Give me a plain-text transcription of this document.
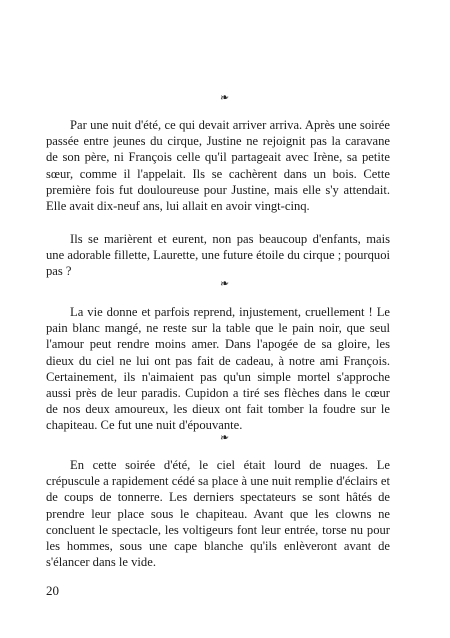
❧

Par une nuit d'été, ce qui devait arriver arriva. Après une soirée passée entre jeunes du cirque, Justine ne rejoignit pas la caravane de son père, ni François celle qu'il partageait avec Irène, sa petite sœur, comme il l'appelait. Ils se cachèrent dans un bois. Cette première fois fut douloureuse pour Justine, mais elle s'y attendait. Elle avait dix-neuf ans, lui allait en avoir vingt-cinq.

Ils se marièrent et eurent, non pas beaucoup d'enfants, mais une adorable fillette, Laurette, une future étoile du cirque ; pourquoi pas ?

❧

La vie donne et parfois reprend, injustement, cruellement ! Le pain blanc mangé, ne reste sur la table que le pain noir, que seul l'amour peut rendre moins amer. Dans l'apogée de sa gloire, les dieux du ciel ne lui ont pas fait de cadeau, à notre ami François. Certainement, ils n'aimaient pas qu'un simple mortel s'approche aussi près de leur paradis. Cupidon a tiré ses flèches dans le cœur de nos deux amoureux, les dieux ont fait tomber la foudre sur le chapiteau. Ce fut une nuit d'épouvante.

❧

En cette soirée d'été, le ciel était lourd de nuages. Le crépuscule a rapidement cédé sa place à une nuit remplie d'éclairs et de coups de tonnerre. Les derniers spectateurs se sont hâtés de prendre leur place sous le chapiteau. Avant que les clowns ne concluent le spectacle, les voltigeurs font leur entrée, torse nu pour les hommes, sous une cape blanche qu'ils enlèveront avant de s'élancer dans le vide.

20
